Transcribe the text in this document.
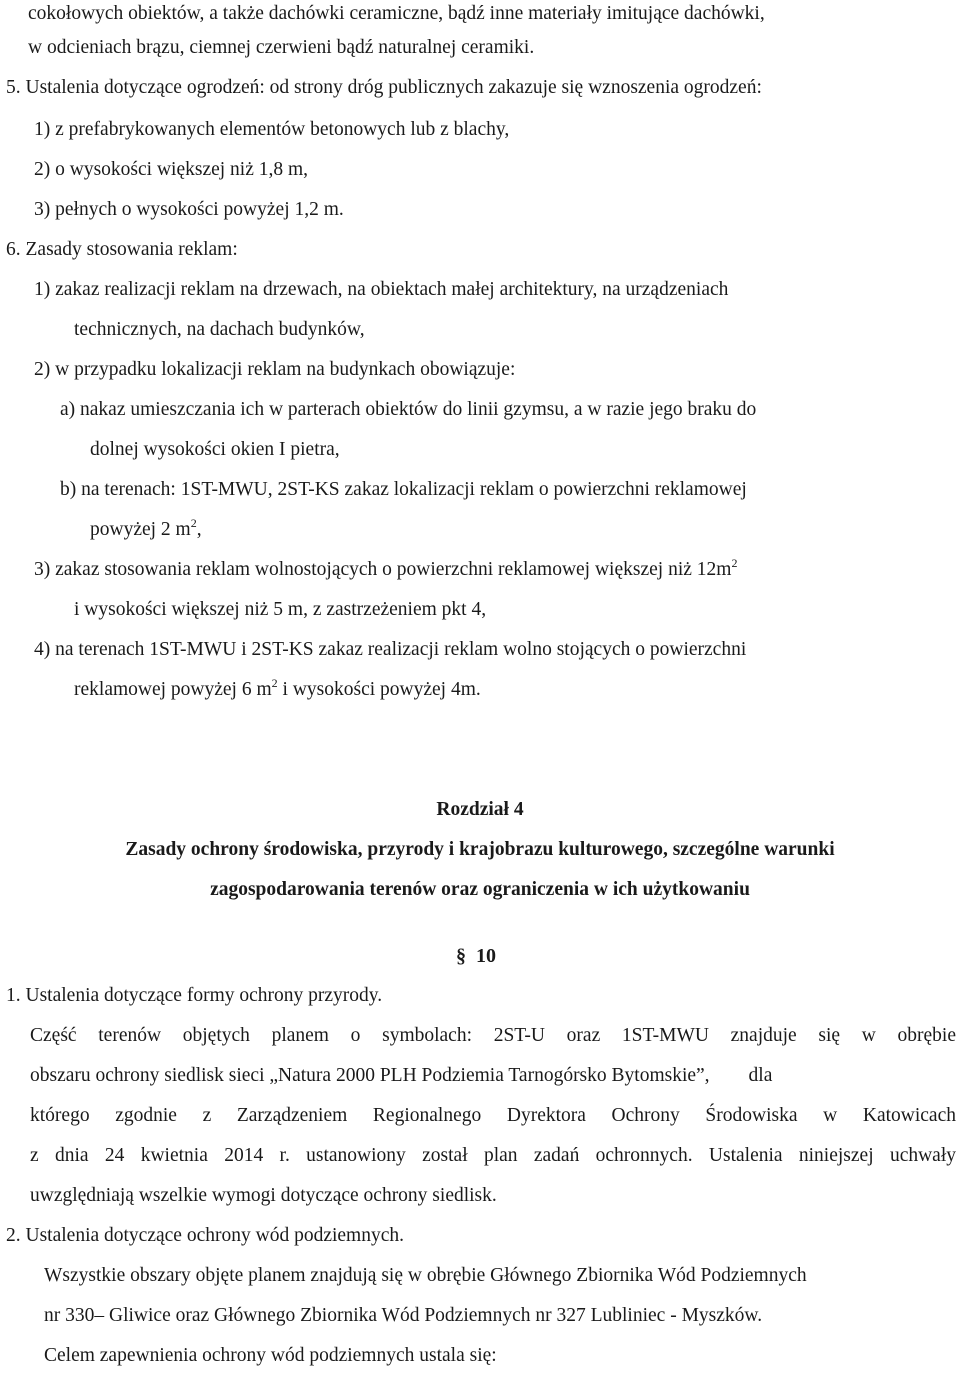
cokołowych obiektów, a także dachówki ceramiczne, bądź inne materiały imitujące dachówki,
w odcieniach brązu, ciemnej czerwieni bądź naturalnej ceramiki.
5. Ustalenia dotyczące ogrodzeń: od strony dróg publicznych zakazuje się wznoszenia ogrodzeń:
1) z prefabrykowanych elementów betonowych lub z blachy,
2) o wysokości większej niż 1,8 m,
3) pełnych o wysokości powyżej 1,2 m.
6. Zasady stosowania reklam:
1) zakaz realizacji reklam na drzewach, na obiektach małej architektury, na urządzeniach
technicznych, na dachach budynków,
2) w przypadku lokalizacji reklam na budynkach obowiązuje:
a) nakaz umieszczania ich w parterach obiektów do linii gzymsu, a w razie jego braku do
dolnej wysokości okien I pietra,
b) na terenach: 1ST-MWU, 2ST-KS zakaz lokalizacji reklam o powierzchni reklamowej
powyżej 2 $m^2$,
3) zakaz stosowania reklam wolnostojących o powierzchni reklamowej większej niż $12m^2$
i wysokości większej niż 5 m, z zastrzeżeniem pkt 4,
4) na terenach 1ST-MWU i 2ST-KS zakaz realizacji reklam wolno stojących o powierzchni
reklamowej powyżej 6 $m^2$ i wysokości powyżej 4m.
Rozdział 4
Zasady ochrony środowiska, przyrody i krajobrazu kulturowego, szczególne warunki
zagospodarowania terenów oraz ograniczenia w ich użytkowaniu
§ 10
1. Ustalenia dotyczące formy ochrony przyrody.
Część terenów objętych planem o symbolach: 2ST-U oraz 1ST-MWU znajduje się w obrębie
obszaru ochrony siedlisk sieci „Natura 2000 PLH Podziemia Tarnogórsko Bytomskie”,        dla
którego zgodnie z Zarządzeniem Regionalnego Dyrektora Ochrony Środowiska w Katowicach
z dnia 24 kwietnia 2014 r. ustanowiony został plan zadań ochronnych. Ustalenia niniejszej uchwały
uwzględniają wszelkie wymogi dotyczące ochrony siedlisk.
2. Ustalenia dotyczące ochrony wód podziemnych.
Wszystkie obszary objęte planem znajdują się w obrębie Głównego Zbiornika Wód Podziemnych
nr 330– Gliwice oraz Głównego Zbiornika Wód Podziemnych nr 327 Lubliniec - Myszków.
Celem zapewnienia ochrony wód podziemnych ustala się:
